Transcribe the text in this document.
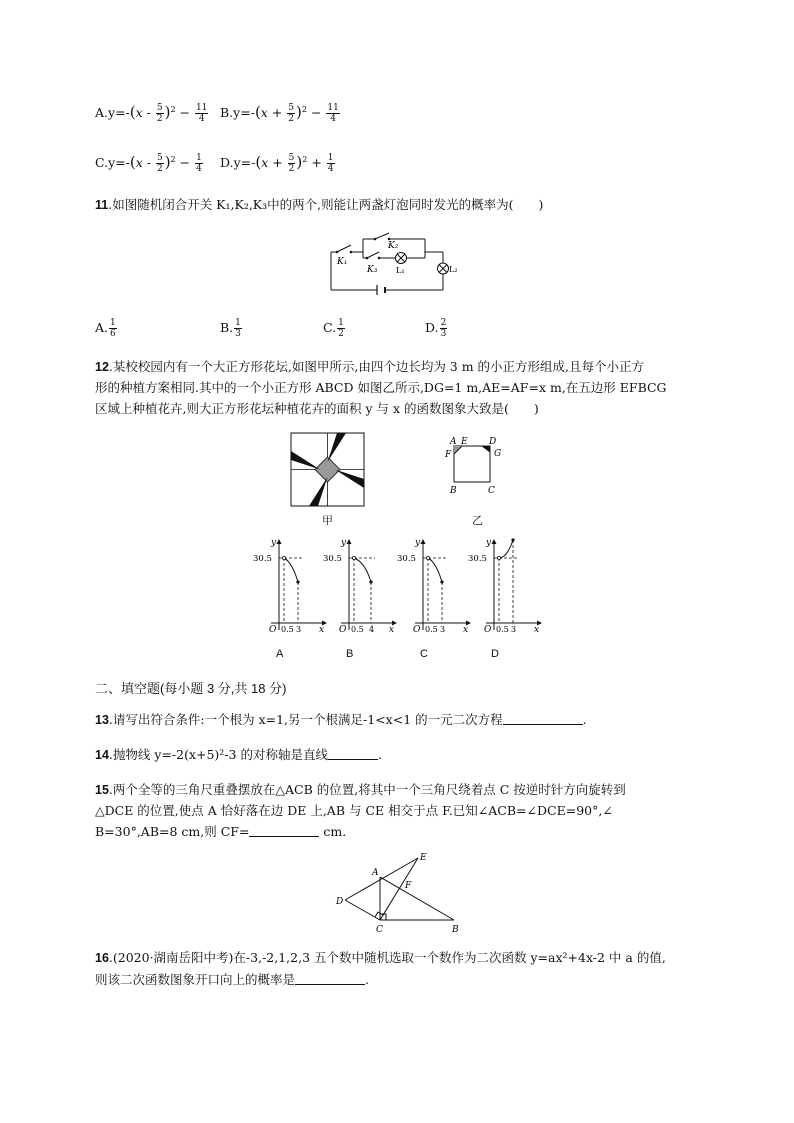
$A.y=-(x - \frac{5}{2} )^2 - \frac{11}{4} B.y=-(x + \frac{5}{2} )^2 - \frac{11}{4}$
$C.y=-(x - \frac{5}{2} )^2 - \frac{1}{4} D.y=-(x + \frac{5}{2} )^2 + \frac{1}{4}$
11.如图随机闭合开关 K₁,K₂,K₃中的两个,则能让两盏灯泡同时发光的概率为(　　)
K₁
K₂
K₃ L₁	L₂
A. $\frac{1}{6}$	B. $\frac{1}{3}$	C. $\frac{1}{2}$	D. $\frac{2}{3}$
12.某校校园内有一个大正方形花坛,如图甲所示,由四个边长均为 3 m 的小正方形组成,且每个小正方
形的种植方案相同.其中的一个小正方形 ABCD 如图乙所示,DG=1 m,AE=AF=x m,在五边形 EFBCG
区域上种植花卉,则大正方形花坛种植花卉的面积 y 与 x 的函数图象大致是(　　)
甲
A E D
F	G
B	C
乙
y
30.5
O 0.5 3 x
A
y
30.5
O 0.5 4 x
B
y
30.5
O 0.5 3 x
C
y
30.5
O 0.5 3 x
D
二、填空题(每小题 3 分,共 18 分)
13.请写出符合条件:一个根为 x=1,另一个根满足-1<x<1 的一元二次方程	.
14.抛物线 y=-2(x+5)²-3 的对称轴是直线	.
15.两个全等的三角尺重叠摆放在△ACB 的位置,将其中一个三角尺绕着点 C 按逆时针方向旋转到
△DCE 的位置,使点 A 恰好落在边 DE 上,AB 与 CE 相交于点 F.已知∠ACB=∠DCE=90°,∠
B=30°,AB=8 cm,则 CF=	cm.
A
E
F
D
C	B
16.(2020·湖南岳阳中考)在-3,-2,1,2,3 五个数中随机选取一个数作为二次函数 y=ax²+4x-2 中 a 的值,
则该二次函数图象开口向上的概率是	.
